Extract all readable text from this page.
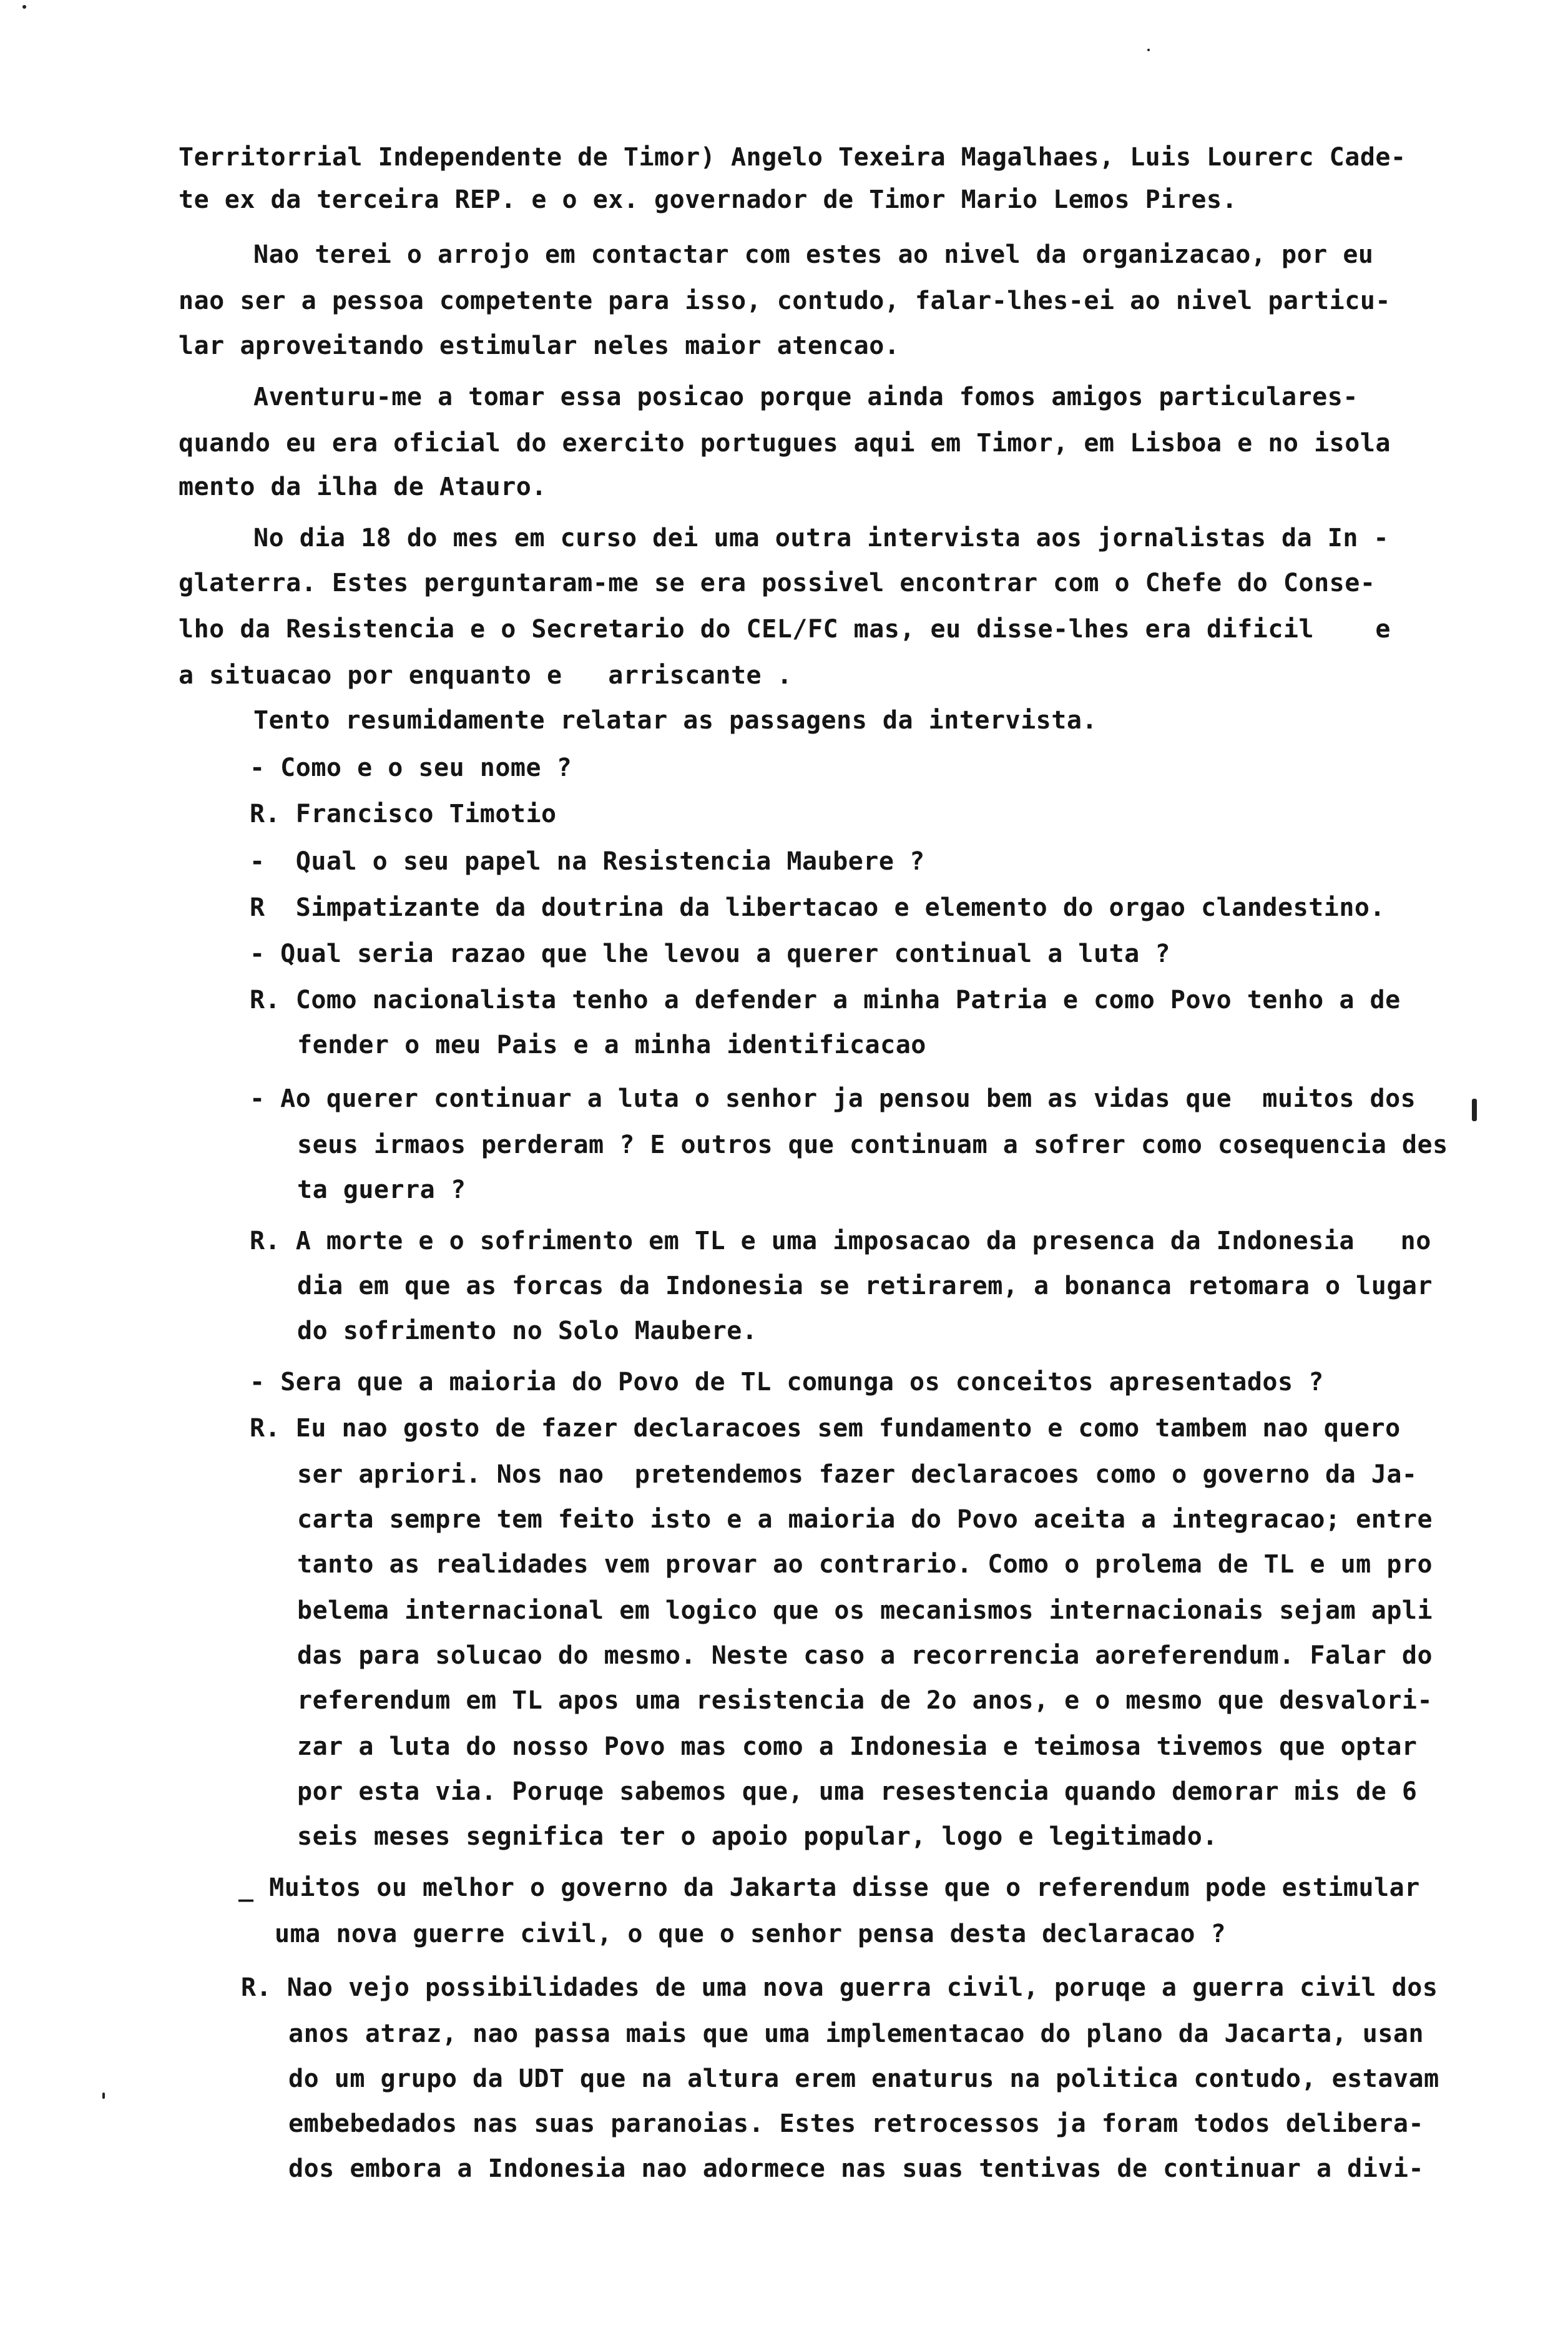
Territorrial Independente de Timor) Angelo Texeira Magalhaes, Luis Lourerc Cade-
te ex da terceira REP. e o ex. governador de Timor Mario Lemos Pires.
Nao terei o arrojo em contactar com estes ao nivel da organizacao, por eu
nao ser a pessoa competente para isso, contudo, falar-lhes-ei ao nivel particu-
lar aproveitando estimular neles maior atencao.
Aventuru-me a tomar essa posicao porque ainda fomos amigos particulares-
quando eu era oficial do exercito portugues aqui em Timor, em Lisboa e no isola
mento da ilha de Atauro.
No dia 18 do mes em curso dei uma outra intervista aos jornalistas da In -
glaterra. Estes perguntaram-me se era possivel encontrar com o Chefe do Conse-
lho da Resistencia e o Secretario do CEL/FC mas, eu disse-lhes era dificil    e
a situacao por enquanto e   arriscante .
Tento resumidamente relatar as passagens da intervista.
- Como e o seu nome ?
R. Francisco Timotio
-  Qual o seu papel na Resistencia Maubere ?
R  Simpatizante da doutrina da libertacao e elemento do orgao clandestino.
- Qual seria razao que lhe levou a querer continual a luta ?
R. Como nacionalista tenho a defender a minha Patria e como Povo tenho a de
fender o meu Pais e a minha identificacao
- Ao querer continuar a luta o senhor ja pensou bem as vidas que  muitos dos
seus irmaos perderam ? E outros que continuam a sofrer como cosequencia des
ta guerra ?
R. A morte e o sofrimento em TL e uma imposacao da presenca da Indonesia   no
dia em que as forcas da Indonesia se retirarem, a bonanca retomara o lugar
do sofrimento no Solo Maubere.
- Sera que a maioria do Povo de TL comunga os conceitos apresentados ?
R. Eu nao gosto de fazer declaracoes sem fundamento e como tambem nao quero
ser apriori. Nos nao  pretendemos fazer declaracoes como o governo da Ja-
carta sempre tem feito isto e a maioria do Povo aceita a integracao; entre
tanto as realidades vem provar ao contrario. Como o prolema de TL e um pro
belema internacional em logico que os mecanismos internacionais sejam apli
das para solucao do mesmo. Neste caso a recorrencia aoreferendum. Falar do
referendum em TL apos uma resistencia de 2o anos, e o mesmo que desvalori-
zar a luta do nosso Povo mas como a Indonesia e teimosa tivemos que optar
por esta via. Poruqe sabemos que, uma resestencia quando demorar mis de 6
seis meses segnifica ter o apoio popular, logo e legitimado.
_ Muitos ou melhor o governo da Jakarta disse que o referendum pode estimular
uma nova guerre civil, o que o senhor pensa desta declaracao ?
R. Nao vejo possibilidades de uma nova guerra civil, poruqe a guerra civil dos
anos atraz, nao passa mais que uma implementacao do plano da Jacarta, usan
do um grupo da UDT que na altura erem enaturus na politica contudo, estavam
embebedados nas suas paranoias. Estes retrocessos ja foram todos delibera-
dos embora a Indonesia nao adormece nas suas tentivas de continuar a divi-
